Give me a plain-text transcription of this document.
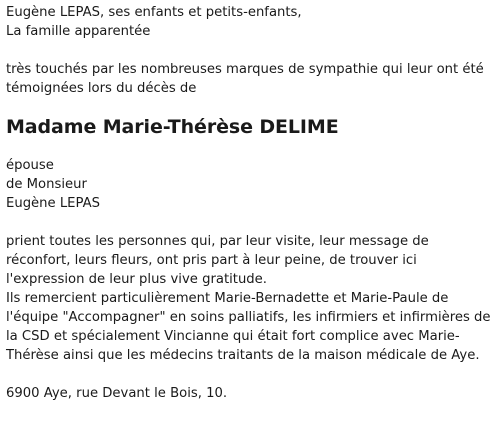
Eugène LEPAS, ses enfants et petits-enfants,

La famille apparentée

très touchés par les nombreuses marques de sympathie qui leur ont été

témoignées lors du décès de

Madame Marie-Thérèse DELIME

épouse

de Monsieur

Eugène LEPAS

prient toutes les personnes qui, par leur visite, leur message de

réconfort, leurs fleurs, ont pris part à leur peine, de trouver ici

l'expression de leur plus vive gratitude.

Ils remercient particulièrement Marie-Bernadette et Marie-Paule de

l'équipe "Accompagner" en soins palliatifs, les infirmiers et infirmières de

la CSD et spécialement Vincianne qui était fort complice avec Marie-

Thérèse ainsi que les médecins traitants de la maison médicale de Aye.

6900 Aye, rue Devant le Bois, 10.
